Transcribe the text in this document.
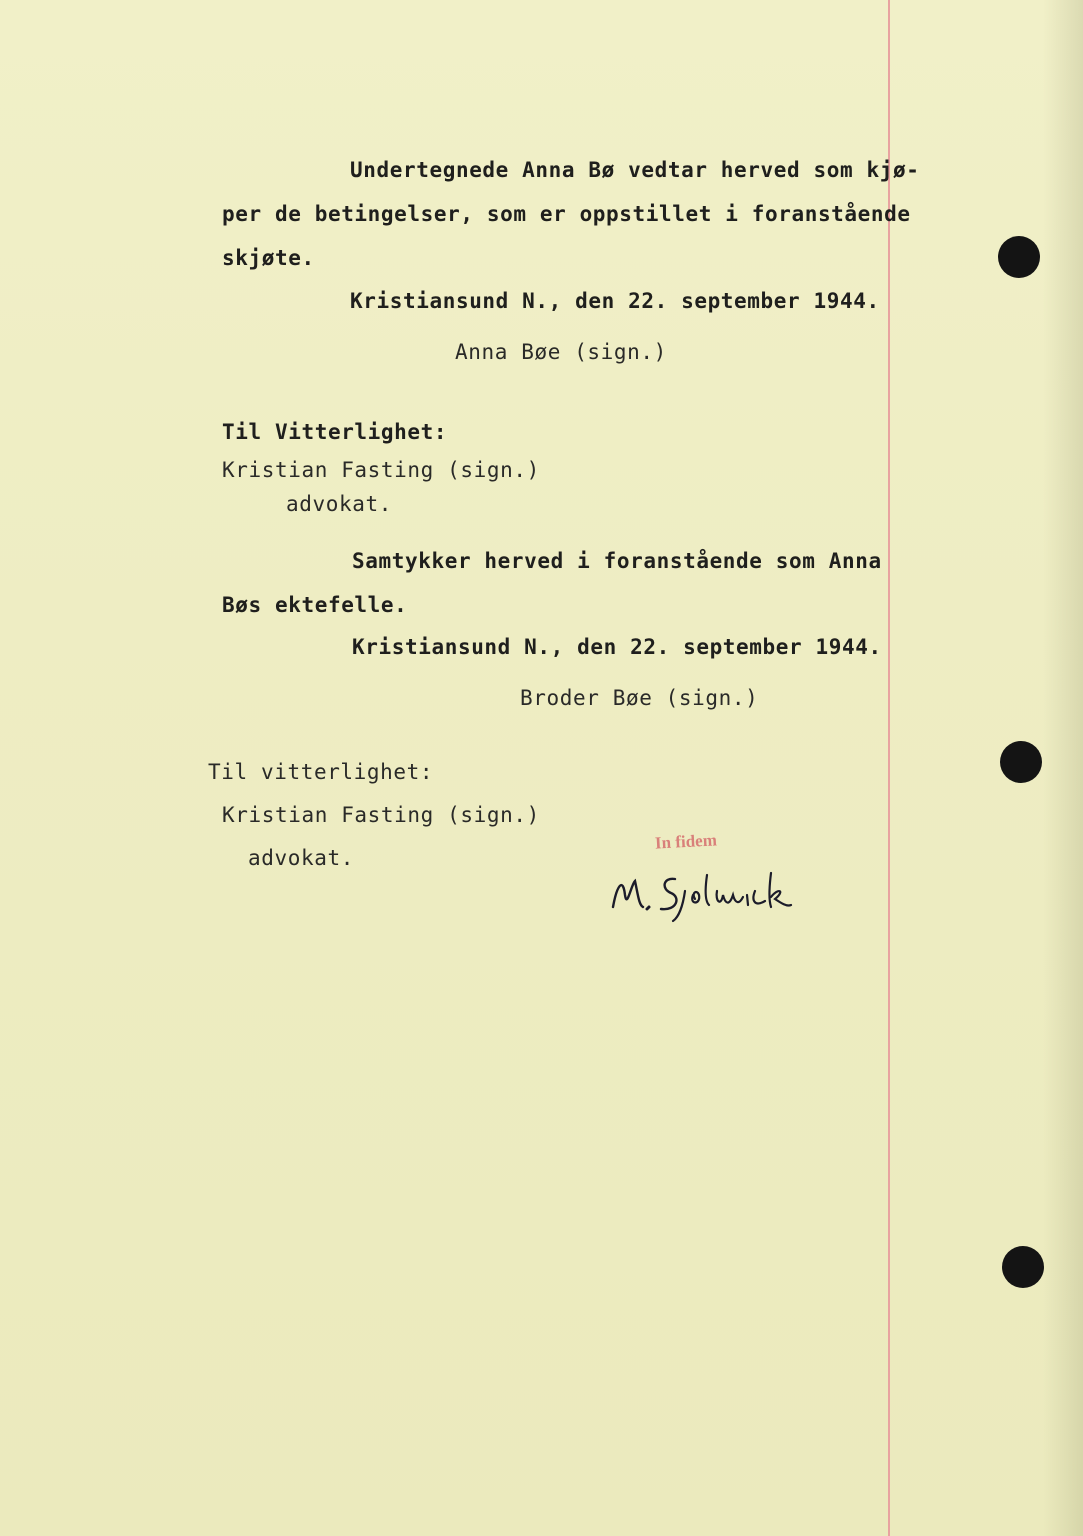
Undertegnede Anna Bø vedtar herved som kjø-
per de betingelser, som er oppstillet i foranstående
skjøte.
Kristiansund N., den 22. september 1944.
Anna Bøe (sign.)
Til Vitterlighet:
Kristian Fasting (sign.)
advokat.
Samtykker herved i foranstående som Anna
Bøs ektefelle.
Kristiansund N., den 22. september 1944.
Broder Bøe (sign.)
Til vitterlighet:
Kristian Fasting (sign.)
advokat.
In fidem
